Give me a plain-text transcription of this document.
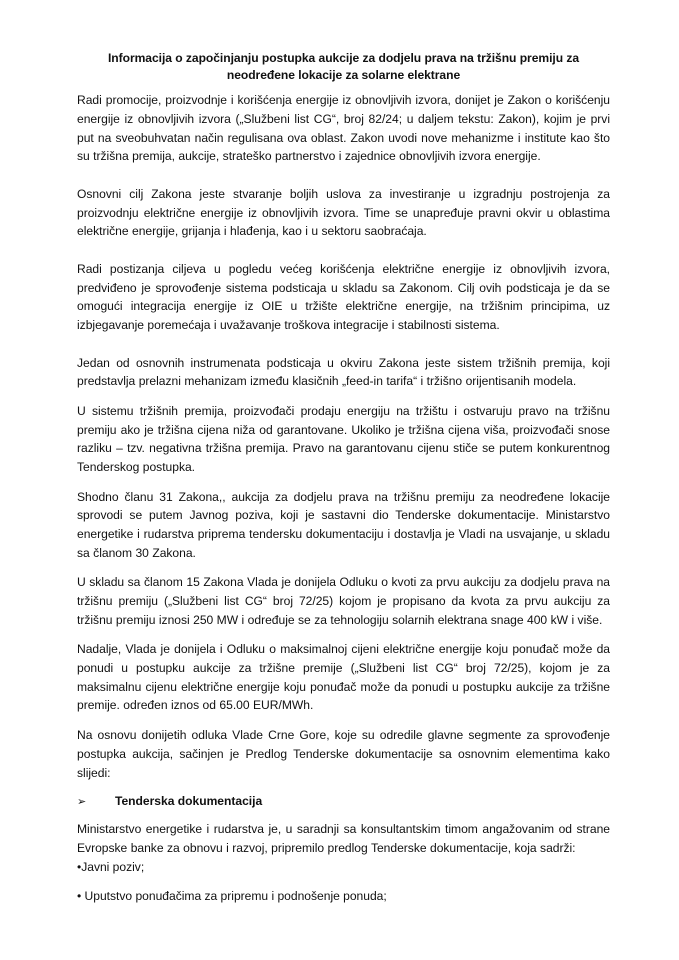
Informacija o započinjanju postupka aukcije za dodjelu prava na tržišnu premiju za neodređene lokacije za solarne elektrane

Radi promocije, proizvodnje i korišćenja energije iz obnovljivih izvora, donijet je Zakon o korišćenju energije iz obnovljivih izvora („Službeni list CG“, broj 82/24; u daljem tekstu: Zakon), kojim je prvi put na sveobuhvatan način regulisana ova oblast. Zakon uvodi nove mehanizme i institute kao što su tržišna premija, aukcije, strateško partnerstvo i zajednice obnovljivih izvora energije.

Osnovni cilj Zakona jeste stvaranje boljih uslova za investiranje u izgradnju postrojenja za proizvodnju električne energije iz obnovljivih izvora. Time se unapređuje pravni okvir u oblastima električne energije, grijanja i hlađenja, kao i u sektoru saobraćaja.

Radi postizanja ciljeva u pogledu većeg korišćenja električne energije iz obnovljivih izvora, predviđeno je sprovođenje sistema podsticaja u skladu sa Zakonom. Cilj ovih podsticaja je da se omogući integracija energije iz OIE u tržište električne energije, na tržišnim principima, uz izbjegavanje poremećaja i uvažavanje troškova integracije i stabilnosti sistema.

Jedan od osnovnih instrumenata podsticaja u okviru Zakona jeste sistem tržišnih premija, koji predstavlja prelazni mehanizam između klasičnih „feed-in tarifa“ i tržišno orijentisanih modela.

U sistemu tržišnih premija, proizvođači prodaju energiju na tržištu i ostvaruju pravo na tržišnu premiju ako je tržišna cijena niža od garantovane. Ukoliko je tržišna cijena viša, proizvođači snose razliku – tzv. negativna tržišna premija. Pravo na garantovanu cijenu stiče se putem konkurentnog Tenderskog postupka.

Shodno članu 31 Zakona,, aukcija za dodjelu prava na tržišnu premiju za neodređene lokacije sprovodi se putem Javnog poziva, koji je sastavni dio Tenderske dokumentacije. Ministarstvo energetike i rudarstva priprema tendersku dokumentaciju i dostavlja je Vladi na usvajanje, u skladu sa članom 30 Zakona.

U skladu sa članom 15 Zakona Vlada je donijela Odluku o kvoti za prvu aukciju za dodjelu prava na tržišnu premiju („Službeni list CG“ broj 72/25) kojom je propisano da kvota za prvu aukciju za tržišnu premiju iznosi 250 MW i određuje se za tehnologiju solarnih elektrana snage 400 kW i više.

Nadalje, Vlada je donijela i Odluku o maksimalnoj cijeni električne energije koju ponuđač može da ponudi u postupku aukcije za tržišne premije („Službeni list CG“ broj 72/25), kojom je za maksimalnu cijenu električne energije koju ponuđač može da ponudi u postupku aukcije za tržišne premije. određen iznos od 65.00 EUR/MWh.

Na osnovu donijetih odluka Vlade Crne Gore, koje su odredile glavne segmente za sprovođenje postupka aukcija, sačinjen je Predlog Tenderske dokumentacije sa osnovnim elementima kako slijedi:

➢	Tenderska dokumentacija

Ministarstvo energetike i rudarstva je, u saradnji sa konsultantskim timom angažovanim od strane Evropske banke za obnovu i razvoj, pripremilo predlog Tenderske dokumentacije, koja sadrži:

•Javni poziv;
• Uputstvo ponuđačima za pripremu i podnošenje ponuda;
